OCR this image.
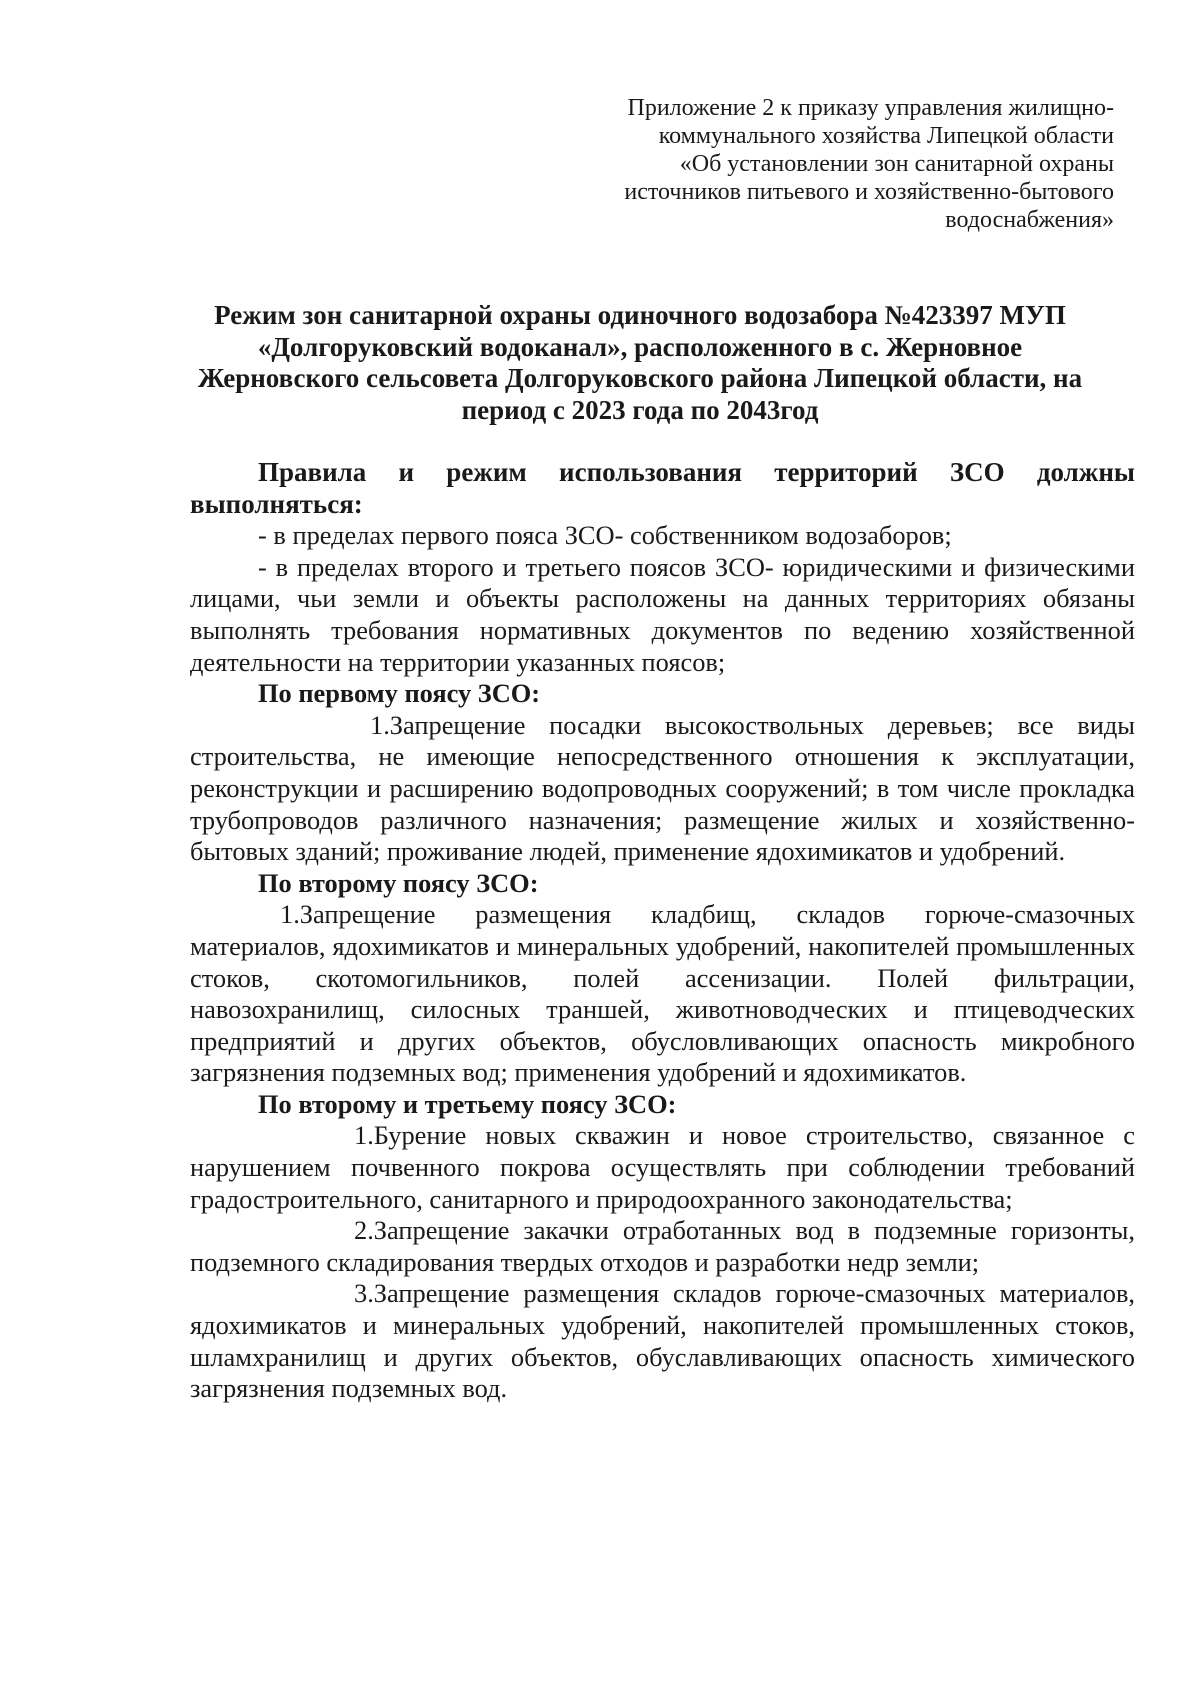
Приложение 2 к приказу управления жилищно-
коммунального хозяйства Липецкой области
«Об установлении зон санитарной охраны
источников питьевого и хозяйственно-бытового
водоснабжения»
Режим зон санитарной охраны одиночного водозабора №423397 МУП
«Долгоруковский водоканал», расположенного в с. Жерновное
Жерновского сельсовета Долгоруковского района Липецкой области, на
период с 2023 года по 2043год

Правила и режим использования территорий ЗСО должны выполняться:

- в пределах первого пояса ЗСО- собственником водозаборов;

- в пределах второго и третьего поясов ЗСО- юридическими и физическими лицами, чьи земли и объекты расположены на данных территориях обязаны выполнять требования нормативных документов по ведению хозяйственной деятельности на территории указанных поясов;

По первому поясу ЗСО:

1.Запрещение посадки высокоствольных деревьев; все виды строительства, не имеющие непосредственного отношения к эксплуатации, реконструкции и расширению водопроводных сооружений; в том числе прокладка трубопроводов различного назначения; размещение жилых и хозяйственно-бытовых зданий; проживание людей, применение ядохимикатов и удобрений.

По второму поясу ЗСО:

1.Запрещение размещения кладбищ, складов горюче-смазочных материалов, ядохимикатов и минеральных удобрений, накопителей промышленных стоков, скотомогильников, полей ассенизации. Полей фильтрации, навозохранилищ, силосных траншей, животноводческих и птицеводческих предприятий и других объектов, обусловливающих опасность микробного загрязнения подземных вод; применения удобрений и ядохимикатов.

По второму и третьему поясу ЗСО:

1.Бурение новых скважин и новое строительство, связанное с нарушением почвенного покрова осуществлять при соблюдении требований градостроительного, санитарного и природоохранного законодательства;

2.Запрещение закачки отработанных вод в подземные горизонты, подземного складирования твердых отходов и разработки недр земли;

3.Запрещение размещения складов горюче-смазочных материалов, ядохимикатов и минеральных удобрений, накопителей промышленных стоков, шламхранилищ и других объектов, обуславливающих опасность химического загрязнения подземных вод.
